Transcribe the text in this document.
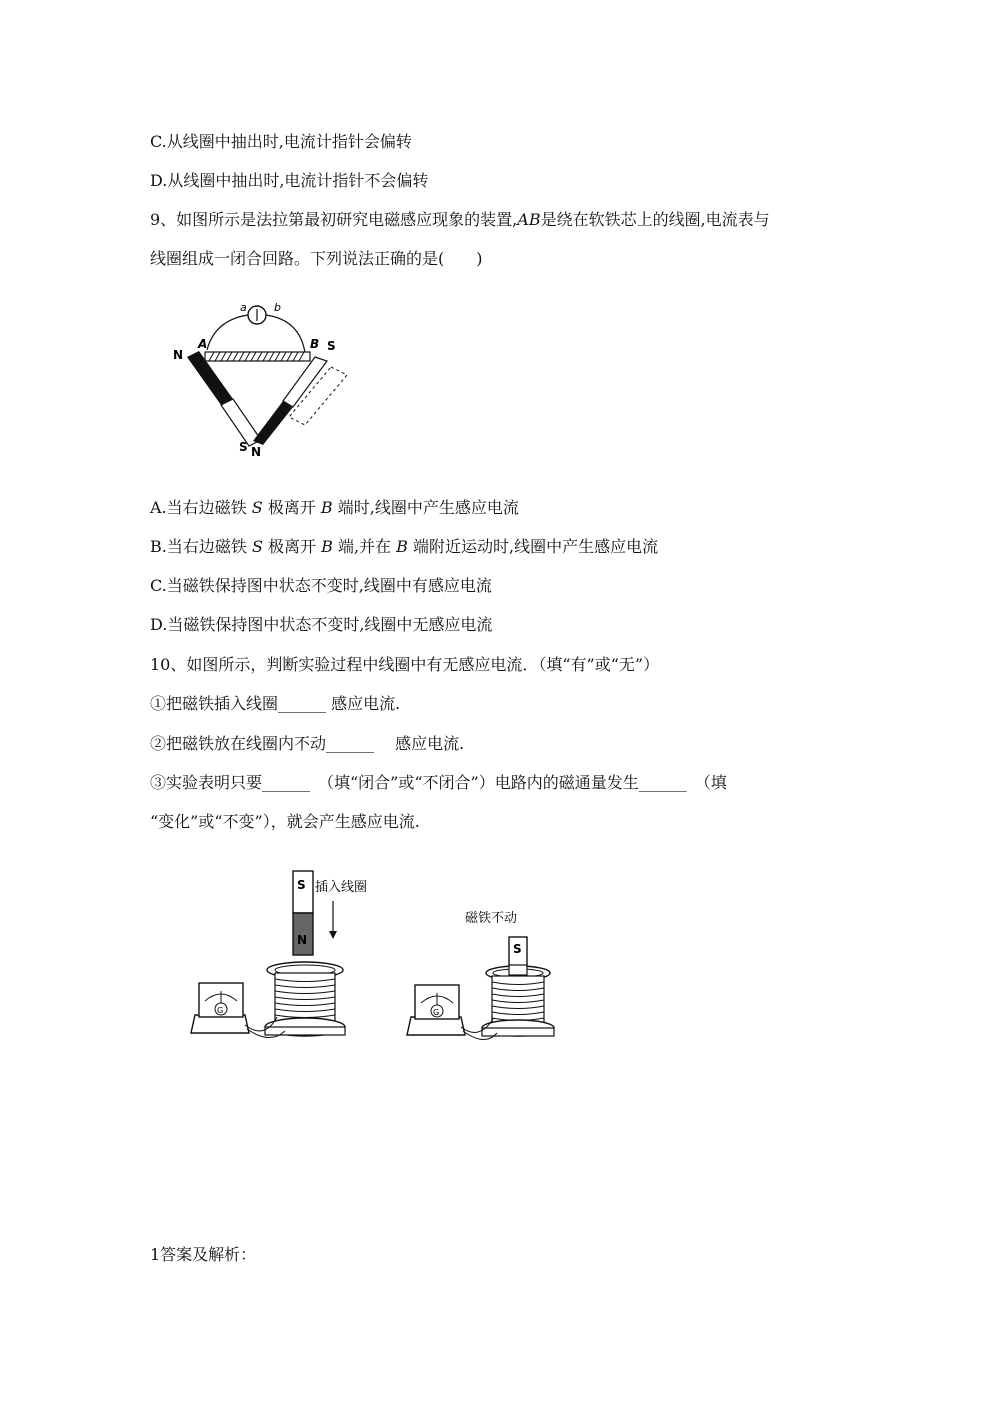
C.从线圈中抽出时,电流计指针会偏转
D.从线圈中抽出时,电流计指针不会偏转
9、如图所示是法拉第最初研究电磁感应现象的装置,AB是绕在软铁芯上的线圈,电流表与
线圈组成一闭合回路。下列说法正确的是(　　)
a b
A	B
N
S
S N
A.当右边磁铁 S 极离开 B 端时,线圈中产生感应电流
B.当右边磁铁 S 极离开 B 端,并在 B 端附近运动时,线圈中产生感应电流
C.当磁铁保持图中状态不变时,线圈中有感应电流
D.当磁铁保持图中状态不变时,线圈中无感应电流
10、如图所示，判断实验过程中线圈中有无感应电流．（填“有”或“无”）
①把磁铁插入线圈______ 感应电流.
②把磁铁放在线圈内不动______　 感应电流.
③实验表明只要______　（填“闭合”或“不闭合”）电路内的磁通量发生______　（填
“变化”或“不变”），就会产生感应电流.
S
N
插入线圈
G
磁铁不动
S
G
1答案及解析：
